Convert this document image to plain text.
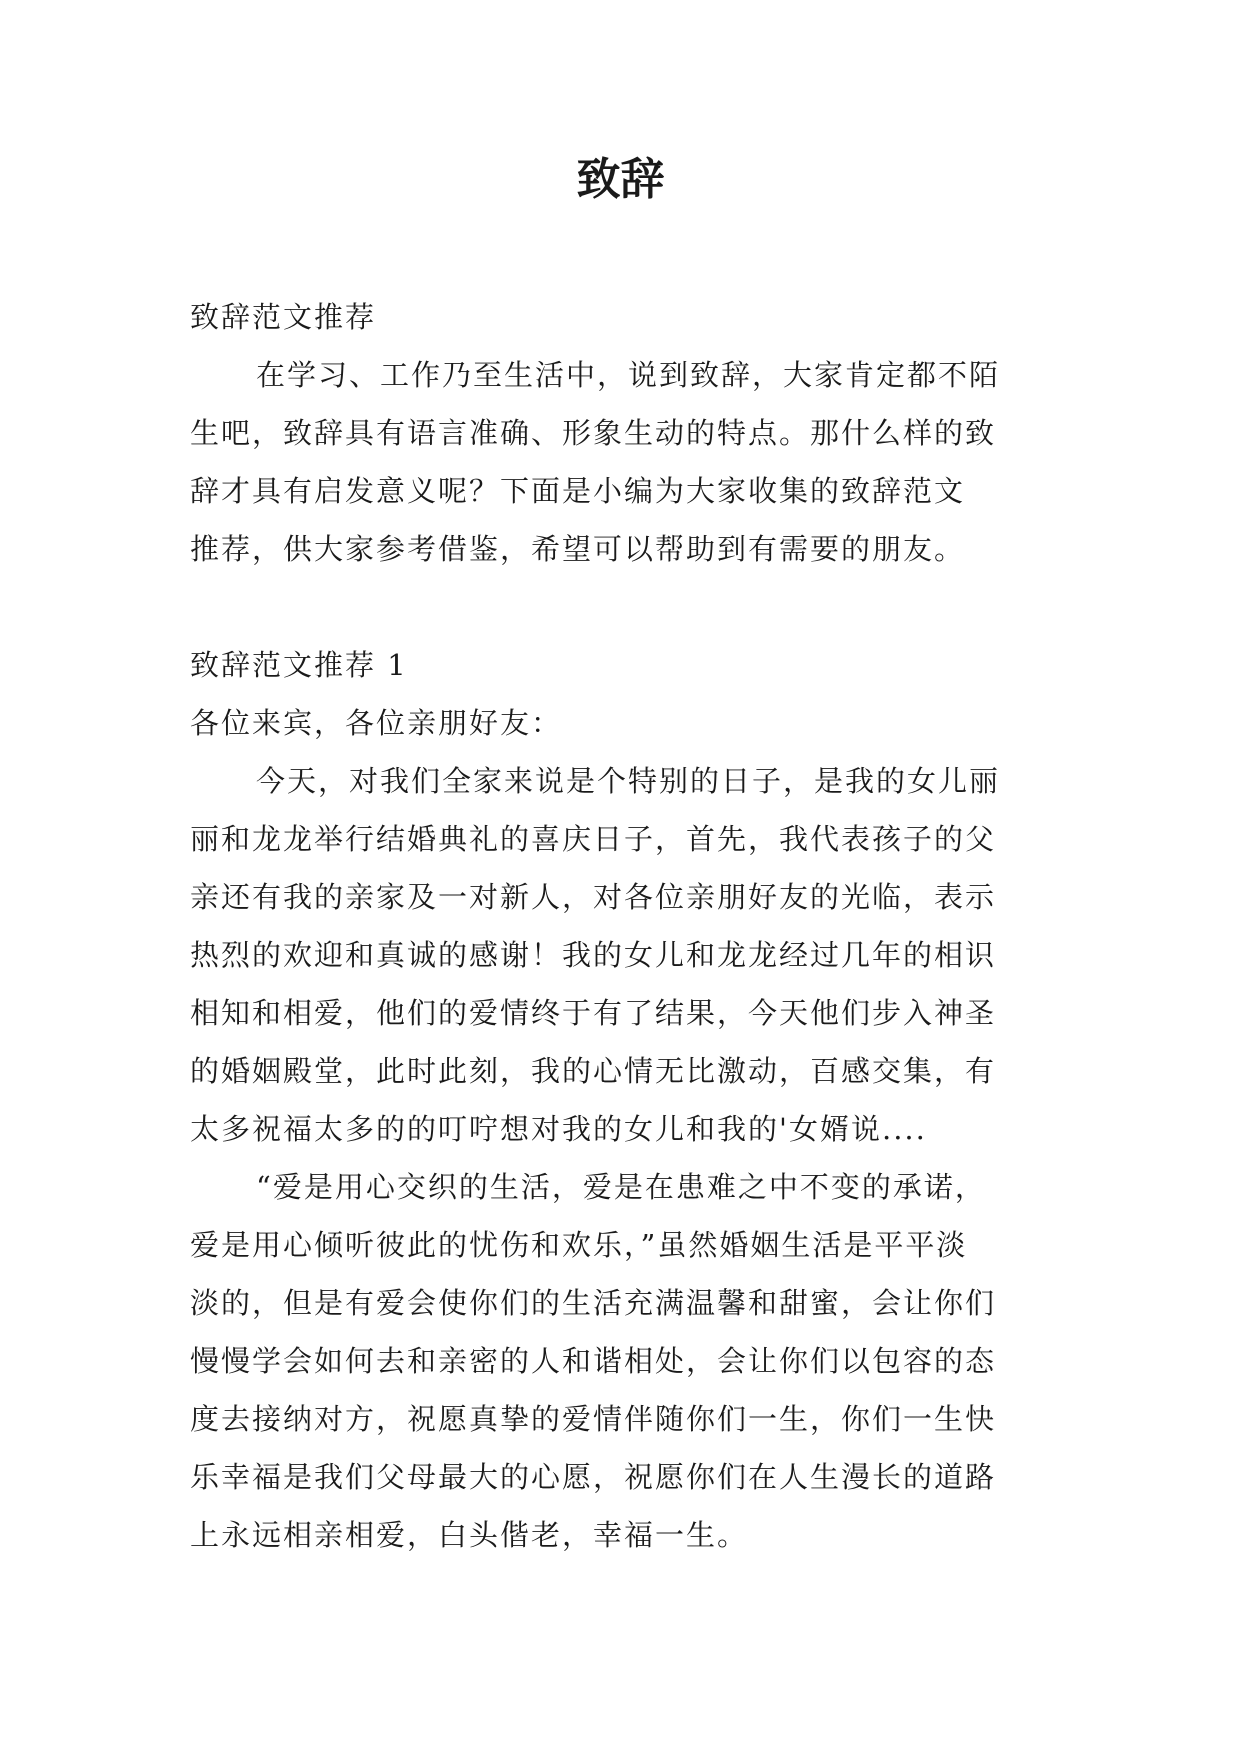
致辞
致辞范文推荐
在学习、工作乃至生活中，说到致辞，大家肯定都不陌
生吧，致辞具有语言准确、形象生动的特点。那什么样的致
辞才具有启发意义呢？下面是小编为大家收集的致辞范文
推荐，供大家参考借鉴，希望可以帮助到有需要的朋友。
致辞范文推荐 1
各位来宾，各位亲朋好友：
今天，对我们全家来说是个特别的日子，是我的女儿丽
丽和龙龙举行结婚典礼的喜庆日子，首先，我代表孩子的父
亲还有我的亲家及一对新人，对各位亲朋好友的光临，表示
热烈的欢迎和真诚的感谢！我的女儿和龙龙经过几年的相识
相知和相爱，他们的爱情终于有了结果，今天他们步入神圣
的婚姻殿堂，此时此刻，我的心情无比激动，百感交集，有
太多祝福太多的的叮咛想对我的女儿和我的'女婿说....
“爱是用心交织的生活，爱是在患难之中不变的承诺，
爱是用心倾听彼此的忧伤和欢乐，”虽然婚姻生活是平平淡
淡的，但是有爱会使你们的生活充满温馨和甜蜜，会让你们
慢慢学会如何去和亲密的人和谐相处，会让你们以包容的态
度去接纳对方，祝愿真挚的爱情伴随你们一生，你们一生快
乐幸福是我们父母最大的心愿，祝愿你们在人生漫长的道路
上永远相亲相爱，白头偕老，幸福一生。
